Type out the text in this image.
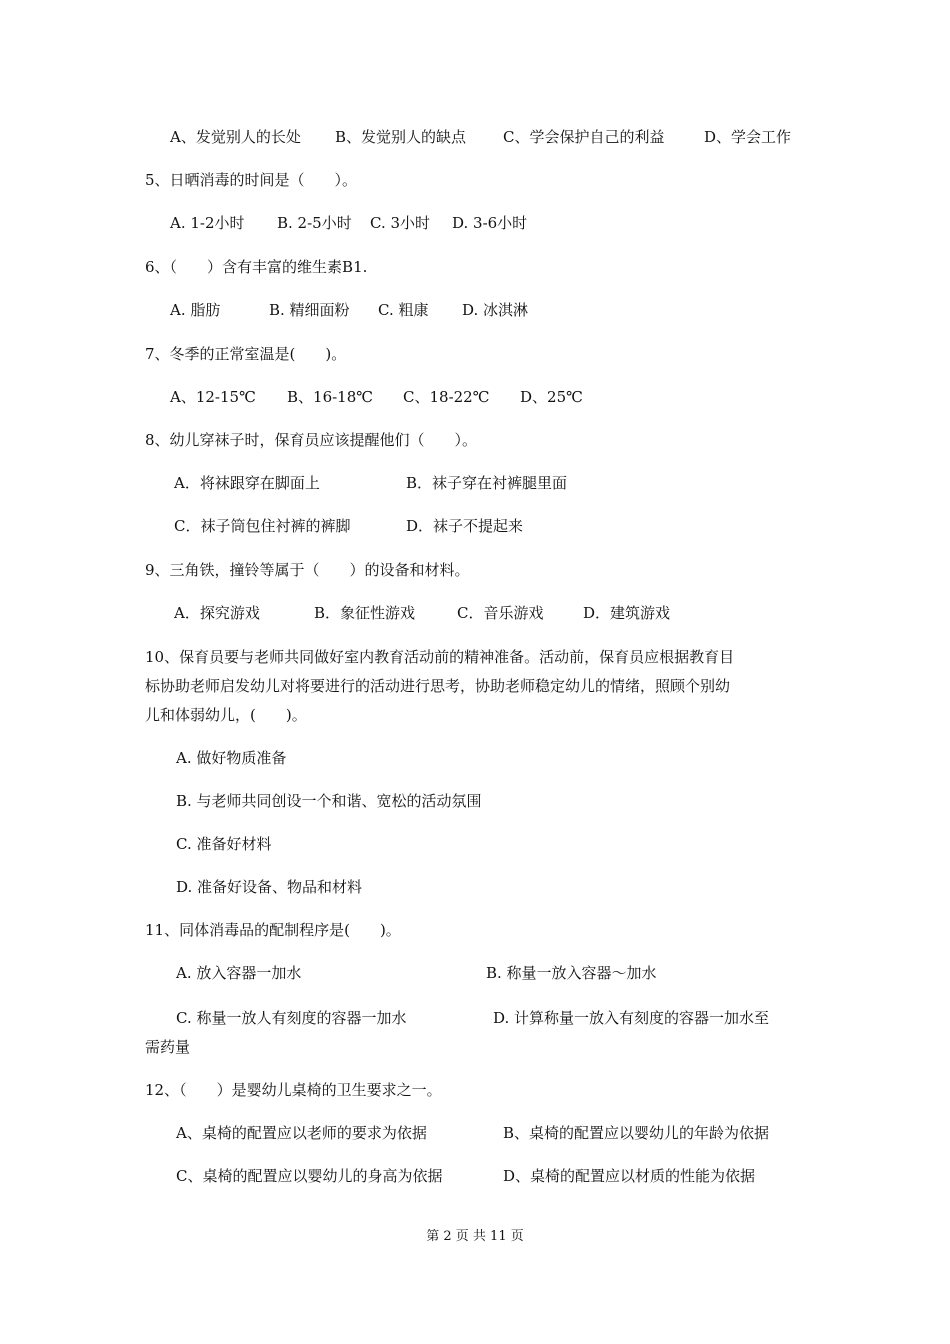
A、发觉别人的长处 B、发觉别人的缺点 C、学会保护自己的利益	D、学会工作
5、日晒消毒的时间是（　　）。
A. 1-2小时 B. 2-5小时 C. 3小时 D. 3-6小时
6、（　　）含有丰富的维生素B1.
A. 脂肪	B. 精细面粉 C. 粗康 D. 冰淇淋
7、冬季的正常室温是(　　)。
A、12-15℃ B、16-18℃ C、18-22℃ D、25℃
8、幼儿穿袜子时，保育员应该提醒他们（　　）。
A．将袜跟穿在脚面上	B．袜子穿在衬裤腿里面
C．袜子筒包住衬裤的裤脚	D．袜子不提起来
9、三角铁，撞铃等属于（　　）的设备和材料。
A．探究游戏	B．象征性游戏	C．音乐游戏	D．建筑游戏
10、保育员要与老师共同做好室内教育活动前的精神准备。活动前，保育员应根据教育目
标协助老师启发幼儿对将要进行的活动进行思考，协助老师稳定幼儿的情绪，照顾个别幼
儿和体弱幼儿，(　　)。
A. 做好物质准备
B. 与老师共同创设一个和谐、宽松的活动氛围
C. 准备好材料
D. 准备好设备、物品和材料
11、同体消毒品的配制程序是(　　)。
A. 放入容器一加水	B. 称量一放入容器～加水
C. 称量一放人有刻度的容器一加水	D. 计算称量一放入有刻度的容器一加水至
需药量
12、（　　）是婴幼儿桌椅的卫生要求之一。
A、桌椅的配置应以老师的要求为依据	B、桌椅的配置应以婴幼儿的年龄为依据
C、桌椅的配置应以婴幼儿的身高为依据	D、桌椅的配置应以材质的性能为依据
第 2 页 共 11 页
